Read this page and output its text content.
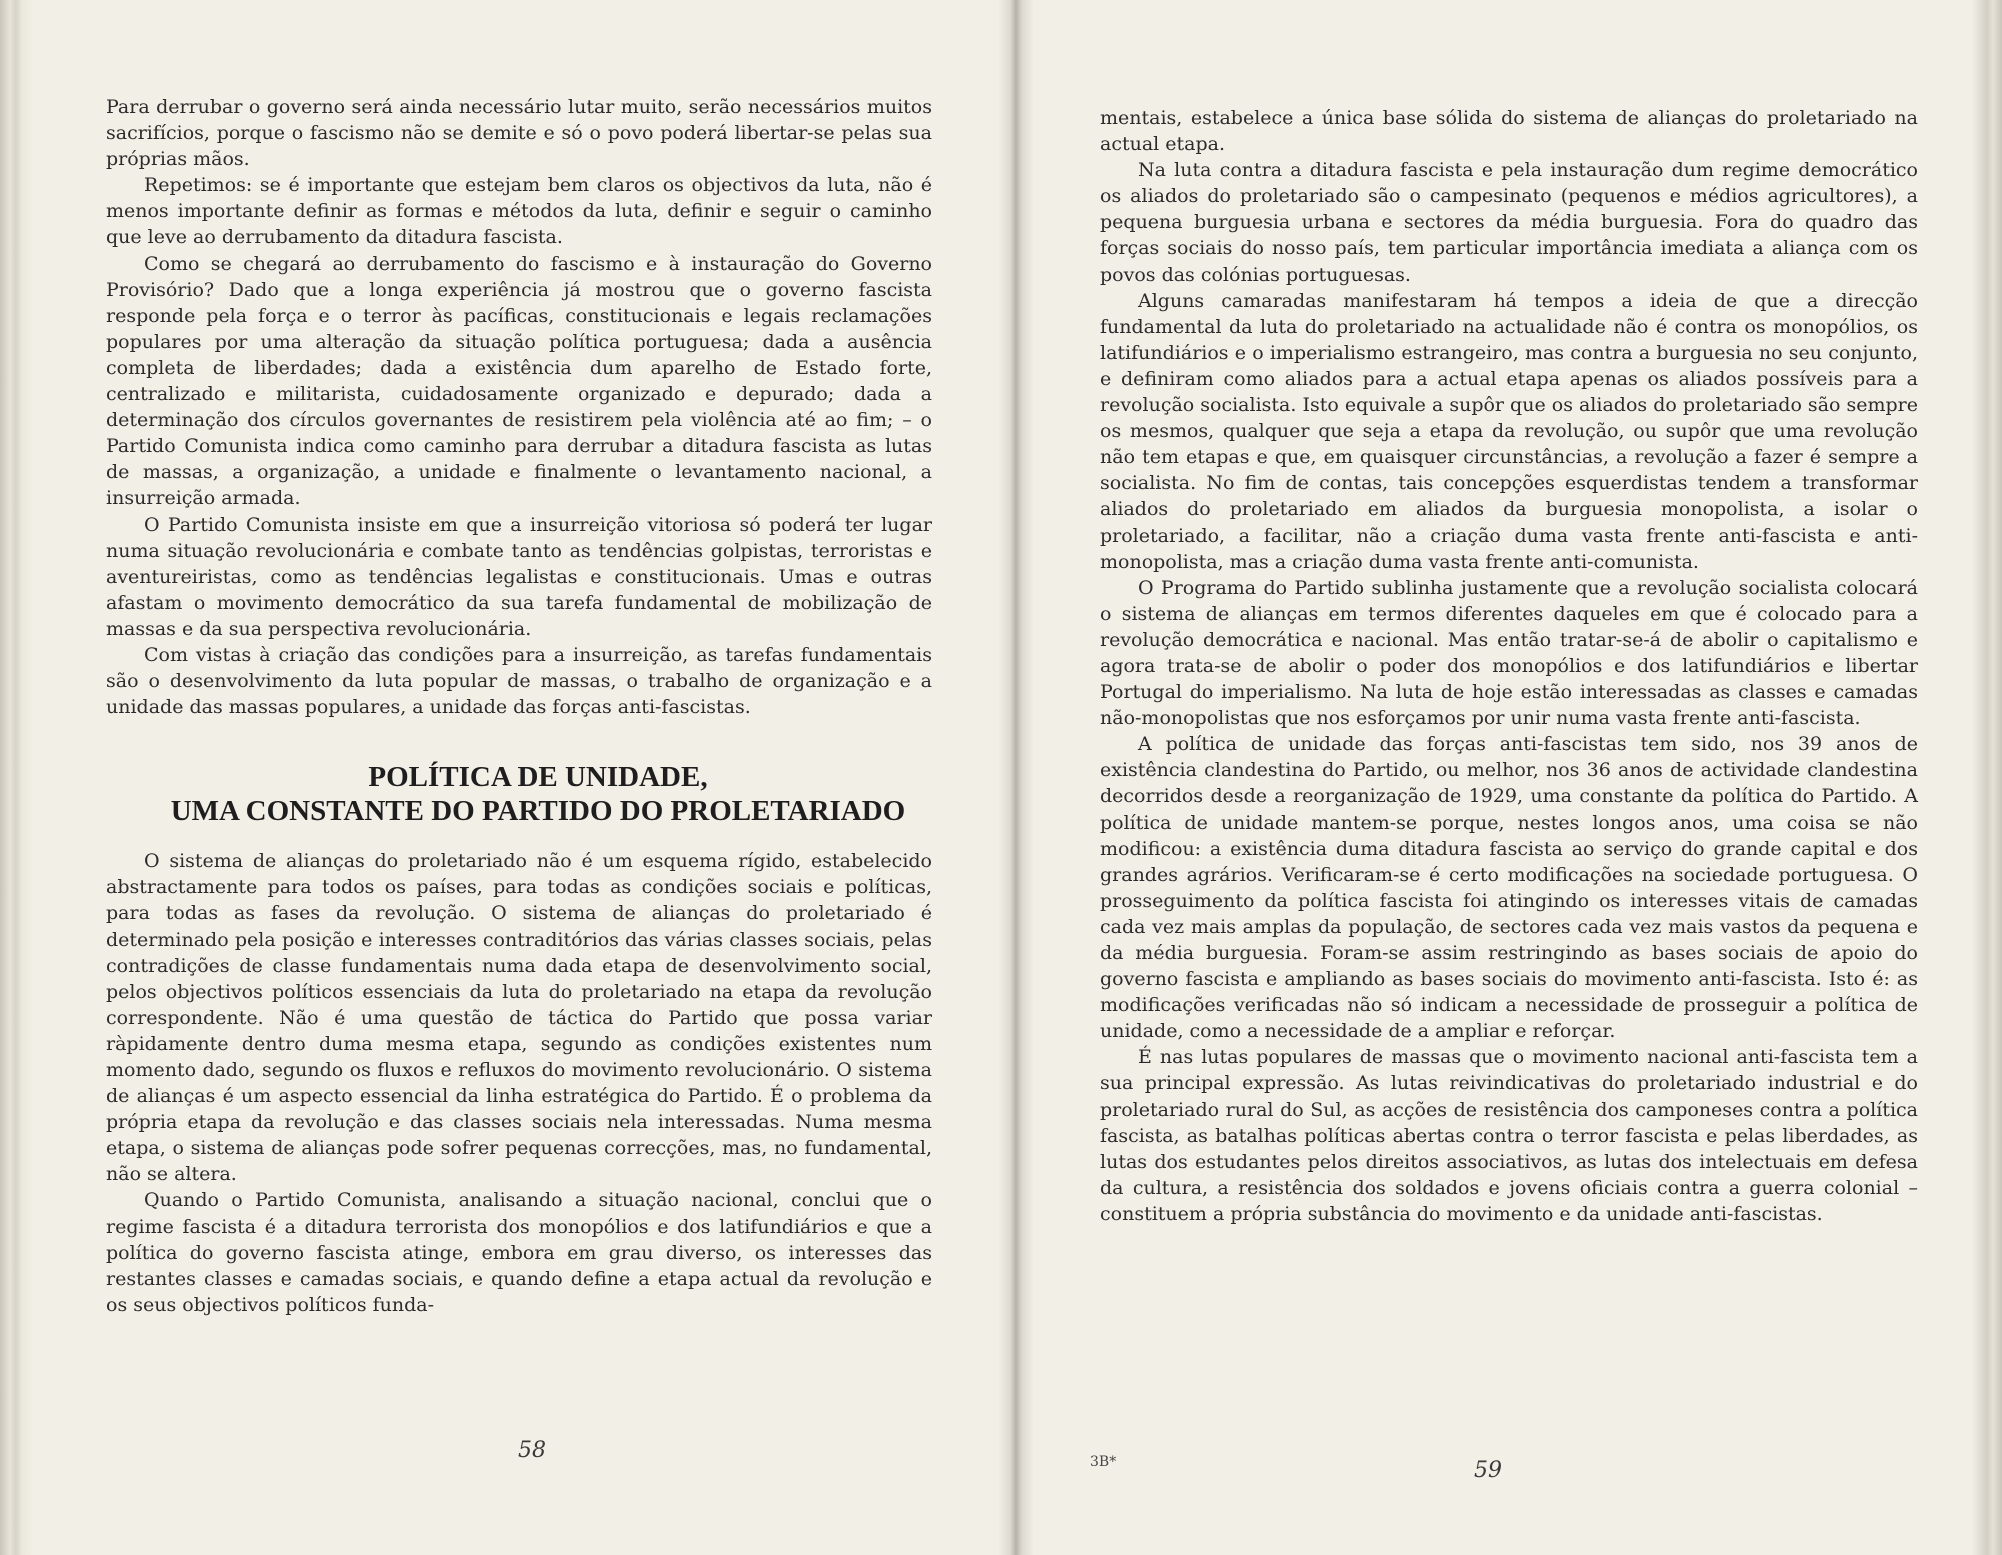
Para derrubar o governo será ainda necessário lutar muito, serão necessários muitos sacrifícios, porque o fascismo não se demite e só o povo poderá libertar-se pelas sua próprias mãos.

Repetimos: se é importante que estejam bem claros os objectivos da luta, não é menos importante definir as formas e métodos da luta, definir e seguir o caminho que leve ao derrubamento da ditadura fascista.

Como se chegará ao derrubamento do fascismo e à instauração do Governo Provisório? Dado que a longa experiência já mostrou que o governo fascista responde pela força e o terror às pacíficas, constitucionais e legais reclamações populares por uma alteração da situação política portuguesa; dada a ausência completa de liberdades; dada a existência dum aparelho de Estado forte, centralizado e militarista, cuidadosamente organizado e depurado; dada a determinação dos círculos governantes de resistirem pela violência até ao fim; – o Partido Comunista indica como caminho para derrubar a ditadura fascista as lutas de massas, a organização, a unidade e finalmente o levantamento nacional, a insurreição armada.

O Partido Comunista insiste em que a insurreição vitoriosa só poderá ter lugar numa situação revolucionária e combate tanto as tendências golpistas, terroristas e aventureiristas, como as tendências legalistas e constitucionais. Umas e outras afastam o movimento democrático da sua tarefa fundamental de mobilização de massas e da sua perspectiva revolucionária.

Com vistas à criação das condições para a insurreição, as tarefas fundamentais são o desenvolvimento da luta popular de massas, o trabalho de organização e a unidade das massas populares, a unidade das forças anti-fascistas.

POLÍTICA DE UNIDADE,

UMA CONSTANTE DO PARTIDO DO PROLETARIADO

O sistema de alianças do proletariado não é um esquema rígido, estabelecido abstractamente para todos os países, para todas as condições sociais e políticas, para todas as fases da revolução. O sistema de alianças do proletariado é determinado pela posição e interesses contraditórios das várias classes sociais, pelas contradições de classe fundamentais numa dada etapa de desenvolvimento social, pelos objectivos políticos essenciais da luta do proletariado na etapa da revolução correspondente. Não é uma questão de táctica do Partido que possa variar ràpidamente dentro duma mesma etapa, segundo as condições existentes num momento dado, segundo os fluxos e refluxos do movimento revolucionário. O sistema de alianças é um aspecto essencial da linha estratégica do Partido. É o problema da própria etapa da revolução e das classes sociais nela interessadas. Numa mesma etapa, o sistema de alianças pode sofrer pequenas correcções, mas, no fundamental, não se altera.

Quando o Partido Comunista, analisando a situação nacional, conclui que o regime fascista é a ditadura terrorista dos monopólios e dos latifundiários e que a política do governo fascista atinge, embora em grau diverso, os interesses das restantes classes e camadas sociais, e quando define a etapa actual da revolução e os seus objectivos políticos funda-

58

mentais, estabelece a única base sólida do sistema de alianças do proletariado na actual etapa.

Na luta contra a ditadura fascista e pela instauração dum regime democrático os aliados do proletariado são o campesinato (pequenos e médios agricultores), a pequena burguesia urbana e sectores da média burguesia. Fora do quadro das forças sociais do nosso país, tem particular importância imediata a aliança com os povos das colónias portuguesas.

Alguns camaradas manifestaram há tempos a ideia de que a direcção fundamental da luta do proletariado na actualidade não é contra os monopólios, os latifundiários e o imperialismo estrangeiro, mas contra a burguesia no seu conjunto, e definiram como aliados para a actual etapa apenas os aliados possíveis para a revolução socialista. Isto equivale a supôr que os aliados do proletariado são sempre os mesmos, qualquer que seja a etapa da revolução, ou supôr que uma revolução não tem etapas e que, em quaisquer circunstâncias, a revolução a fazer é sempre a socialista. No fim de contas, tais concepções esquerdistas tendem a transformar aliados do proletariado em aliados da burguesia monopolista, a isolar o proletariado, a facilitar, não a criação duma vasta frente anti-fascista e anti-monopolista, mas a criação duma vasta frente anti-comunista.

O Programa do Partido sublinha justamente que a revolução socialista colocará o sistema de alianças em termos diferentes daqueles em que é colocado para a revolução democrática e nacional. Mas então tratar-se-á de abolir o capitalismo e agora trata-se de abolir o poder dos monopólios e dos latifundiários e libertar Portugal do imperialismo. Na luta de hoje estão interessadas as classes e camadas não-monopolistas que nos esforçamos por unir numa vasta frente anti-fascista.

A política de unidade das forças anti-fascistas tem sido, nos 39 anos de existência clandestina do Partido, ou melhor, nos 36 anos de actividade clandestina decorridos desde a reorganização de 1929, uma constante da política do Partido. A política de unidade mantem-se porque, nestes longos anos, uma coisa se não modificou: a existência duma ditadura fascista ao serviço do grande capital e dos grandes agrários. Verificaram-se é certo modificações na sociedade portuguesa. O prosseguimento da política fascista foi atingindo os interesses vitais de camadas cada vez mais amplas da população, de sectores cada vez mais vastos da pequena e da média burguesia. Foram-se assim restringindo as bases sociais de apoio do governo fascista e ampliando as bases sociais do movimento anti-fascista. Isto é: as modificações verificadas não só indicam a necessidade de prosseguir a política de unidade, como a necessidade de a ampliar e reforçar.

É nas lutas populares de massas que o movimento nacional anti-fascista tem a sua principal expressão. As lutas reivindicativas do proletariado industrial e do proletariado rural do Sul, as acções de resistência dos camponeses contra a política fascista, as batalhas políticas abertas contra o terror fascista e pelas liberdades, as lutas dos estudantes pelos direitos associativos, as lutas dos intelectuais em defesa da cultura, a resistência dos soldados e jovens oficiais contra a guerra colonial –constituem a própria substância do movimento e da unidade anti-fascistas.

3B*	59
